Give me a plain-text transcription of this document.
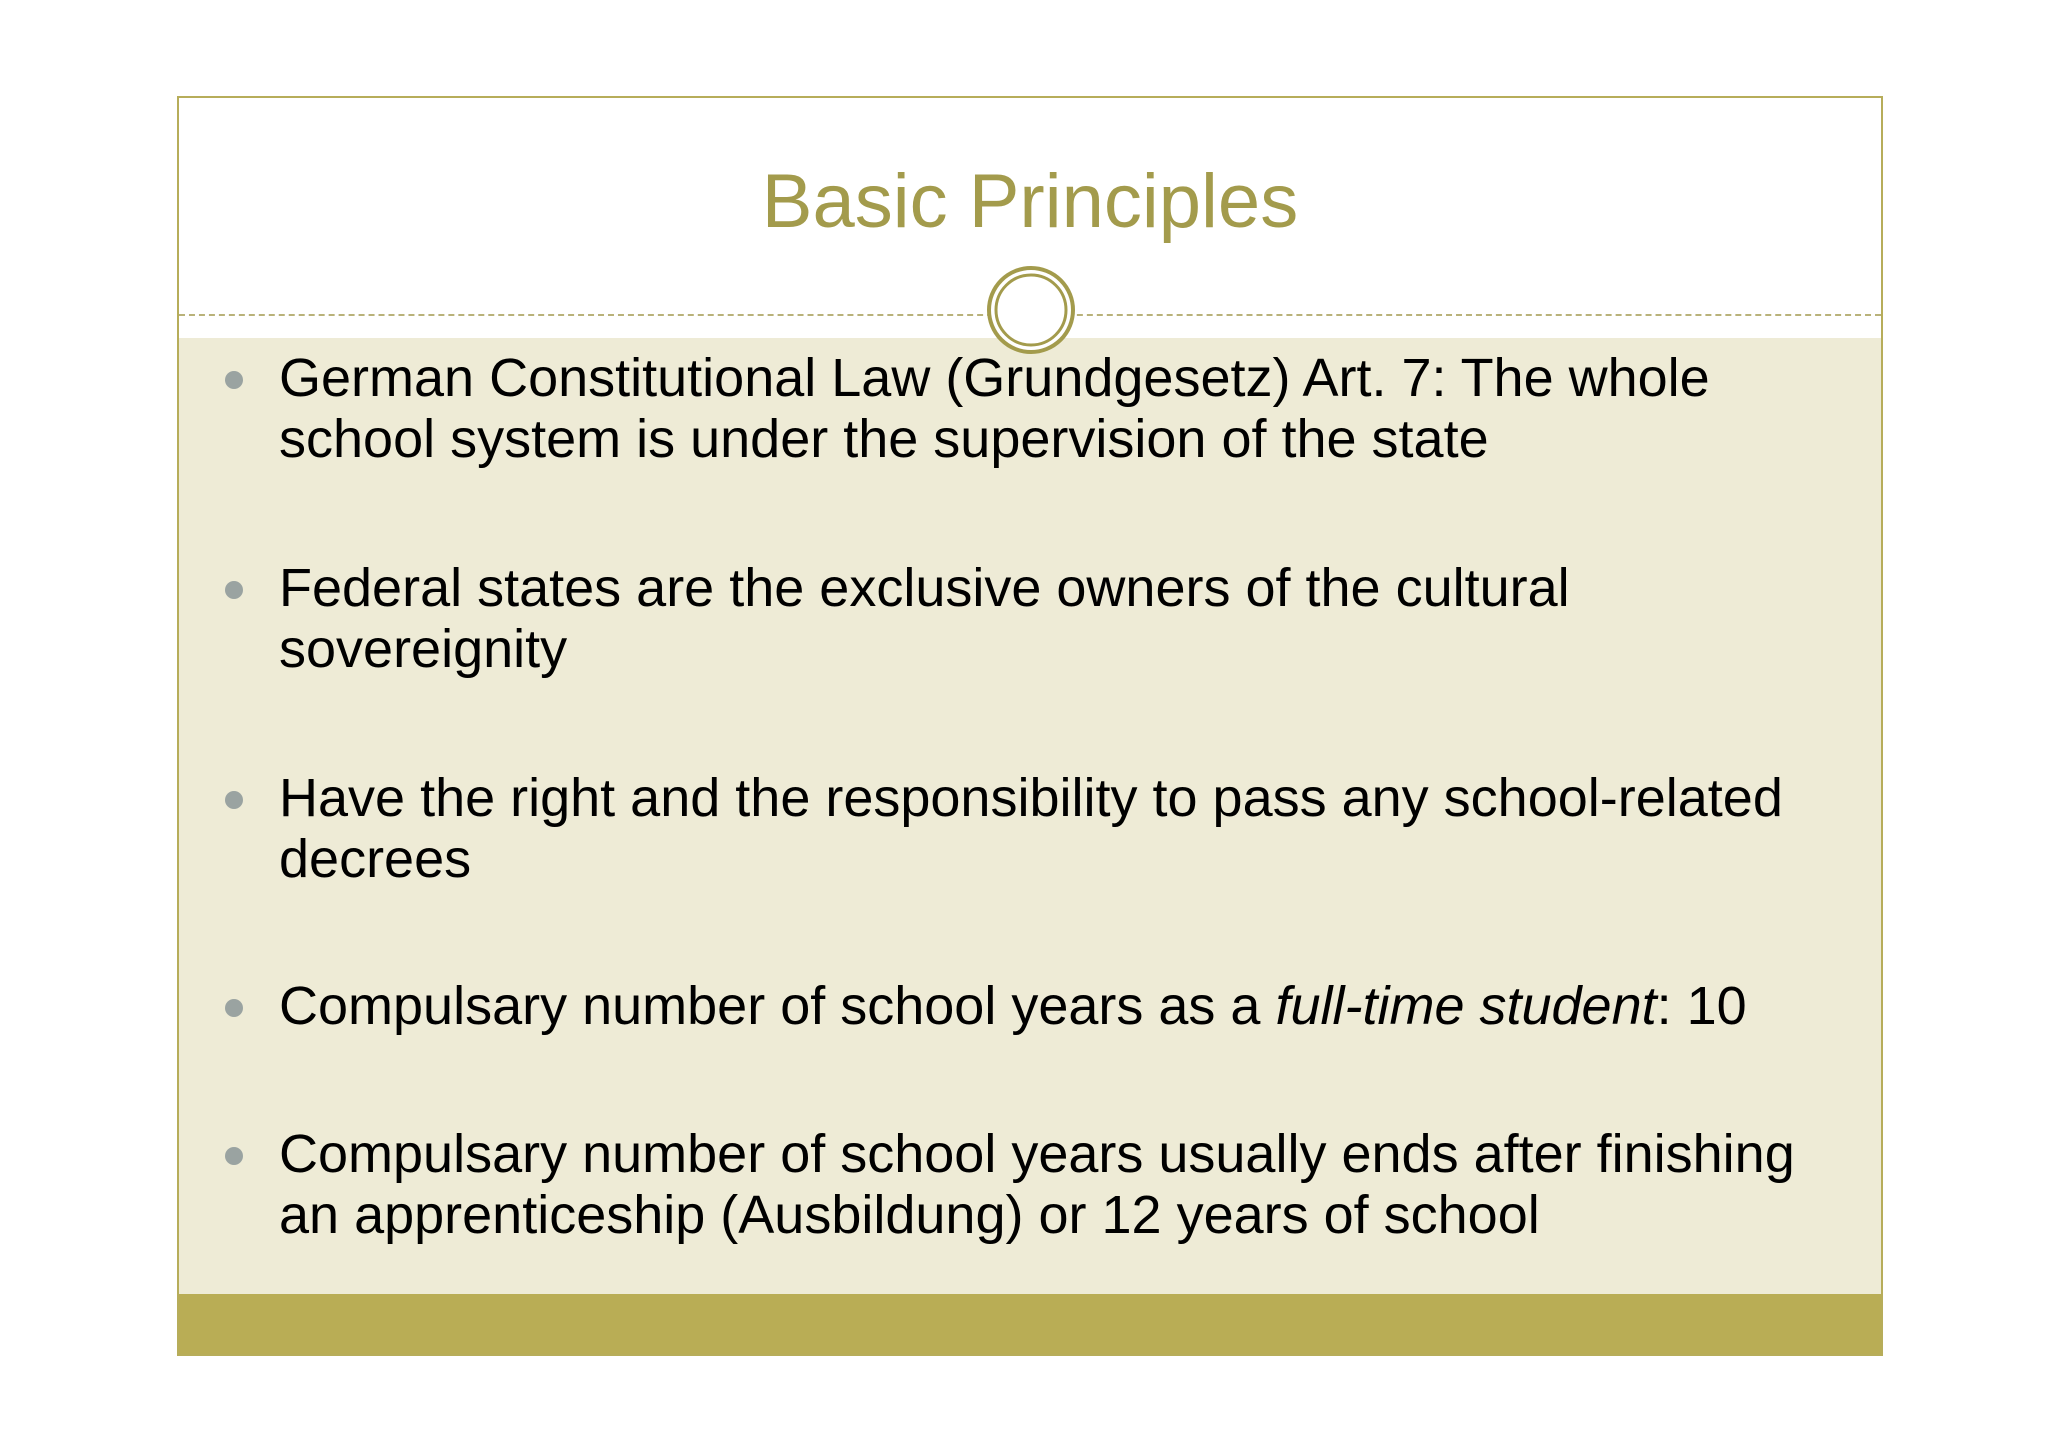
Basic Principles
German Constitutional Law (Grundgesetz) Art. 7: The whole school system is under the supervision of the state
Federal states are the exclusive owners of the cultural sovereignity
Have the right and the responsibility to pass any school-related decrees
Compulsary number of school years as a full-time student: 10
Compulsary number of school years usually ends after finishing an apprenticeship (Ausbildung) or 12 years of school
